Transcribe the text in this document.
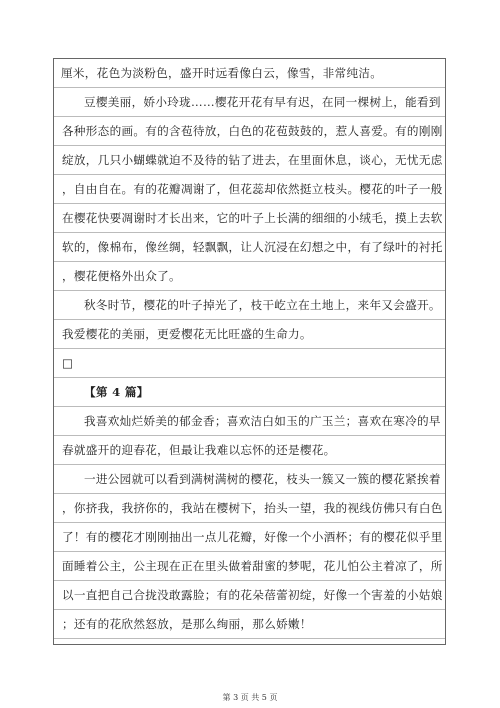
厘米，花色为淡粉色，盛开时远看像白云，像雪，非常纯洁。
豆樱美丽，娇小玲珑……樱花开花有早有迟，在同一棵树上，能看到
各种形态的画。有的含苞待放，白色的花苞鼓鼓的，惹人喜爱。有的刚刚
绽放，几只小蝴蝶就迫不及待的钻了进去，在里面休息，谈心，无忧无虑
，自由自在。有的花瓣凋谢了，但花蕊却依然挺立枝头。樱花的叶子一般
在樱花快要凋谢时才长出来，它的叶子上长满的细细的小绒毛，摸上去软
软的，像棉布，像丝绸，轻飘飘，让人沉浸在幻想之中，有了绿叶的衬托
，樱花便格外出众了。
秋冬时节，樱花的叶子掉光了，枝干屹立在土地上，来年又会盛开。
我爱樱花的美丽，更爱樱花无比旺盛的生命力。
□
【第 4 篇】
我喜欢灿烂娇美的郁金香；喜欢洁白如玉的广玉兰；喜欢在寒冷的早
春就盛开的迎春花，但最让我难以忘怀的还是樱花。
一进公园就可以看到满树满树的樱花，枝头一簇又一簇的樱花紧挨着
，你挤我，我挤你的，我站在樱树下，抬头一望，我的视线仿佛只有白色
了！有的樱花才刚刚抽出一点儿花瓣，好像一个小酒杯；有的樱花似乎里
面睡着公主，公主现在正在里头做着甜蜜的梦呢，花儿怕公主着凉了，所
以一直把自己合拢没敢露脸；有的花朵蓓蕾初绽，好像一个害羞的小姑娘
；还有的花欣然怒放，是那么绚丽，那么娇嫩！
第 3 页 共 5 页
